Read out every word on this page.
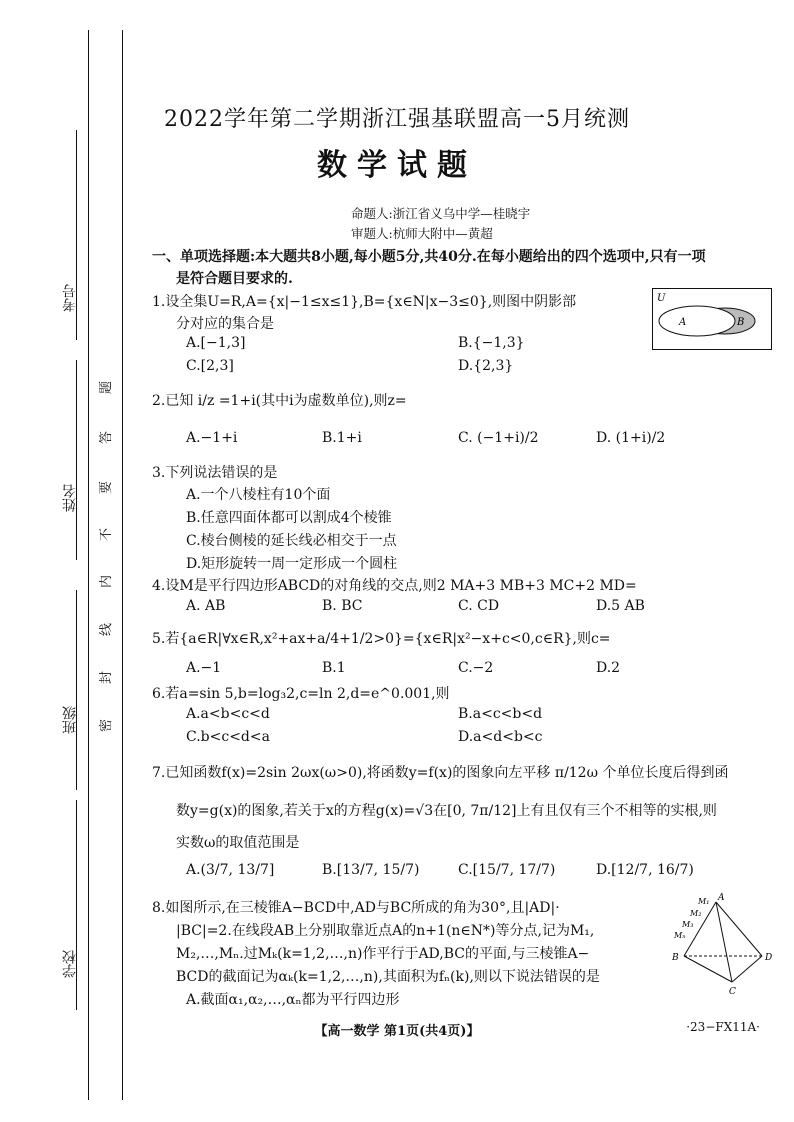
考号
姓名
班级
学校
题
答
要
不
内
线
封
密
2022学年第二学期浙江强基联盟高一5月统测
数学试题
命题人:浙江省义乌中学—桂晓宇
审题人:杭师大附中—黄超
一、单项选择题:本大题共8小题,每小题5分,共40分.在每小题给出的四个选项中,只有一项
是符合题目要求的.
1.设全集U=R,A={x|−1≤x≤1},B={x∈N|x−3≤0},则图中阴影部
分对应的集合是
A.[−1,3]	B.{−1,3}
C.[2,3]	D.{2,3}
U
A	B
2.已知 i/z =1+i(其中i为虚数单位),则z=
A.−1+i	B.1+i	C. (−1+i)/2	D. (1+i)/2
3.下列说法错误的是
A.一个八棱柱有10个面
B.任意四面体都可以割成4个棱锥
C.棱台侧棱的延长线必相交于一点
D.矩形旋转一周一定形成一个圆柱
4.设M是平行四边形ABCD的对角线的交点,则2 MA+3 MB+3 MC+2 MD=
A. AB	B. BC	C. CD	D.5 AB
5.若{a∈R|∀x∈R,x²+ax+a/4+1/2>0}={x∈R|x²−x+c<0,c∈R},则c=
A.−1	B.1	C.−2	D.2
6.若a=sin 5,b=log₃2,c=ln 2,d=e^0.001,则
A.a<b<c<d	B.a<c<b<d
C.b<c<d<a	D.a<d<b<c
7.已知函数f(x)=2sin 2ωx(ω>0),将函数y=f(x)的图象向左平移 π/12ω 个单位长度后得到函
数y=g(x)的图象,若关于x的方程g(x)=√3在[0, 7π/12]上有且仅有三个不相等的实根,则
实数ω的取值范围是
A.(3/7, 13/7]	B.[13/7, 15/7)	C.[15/7, 17/7)	D.[12/7, 16/7)
8.如图所示,在三棱锥A−BCD中,AD与BC所成的角为30°,且|AD|·
|BC|=2.在线段AB上分别取靠近点A的n+1(n∈N*)等分点,记为M₁,
M₂,…,Mₙ.过Mₖ(k=1,2,…,n)作平行于AD,BC的平面,与三棱锥A−
BCD的截面记为αₖ(k=1,2,…,n),其面积为fₙ(k),则以下说法错误的是
A.截面α₁,α₂,…,αₙ都为平行四边形
A
B
C
D
M₁
M₂
M₃
Mₙ
【高一数学 第1页(共4页)】	·23−FX11A·
